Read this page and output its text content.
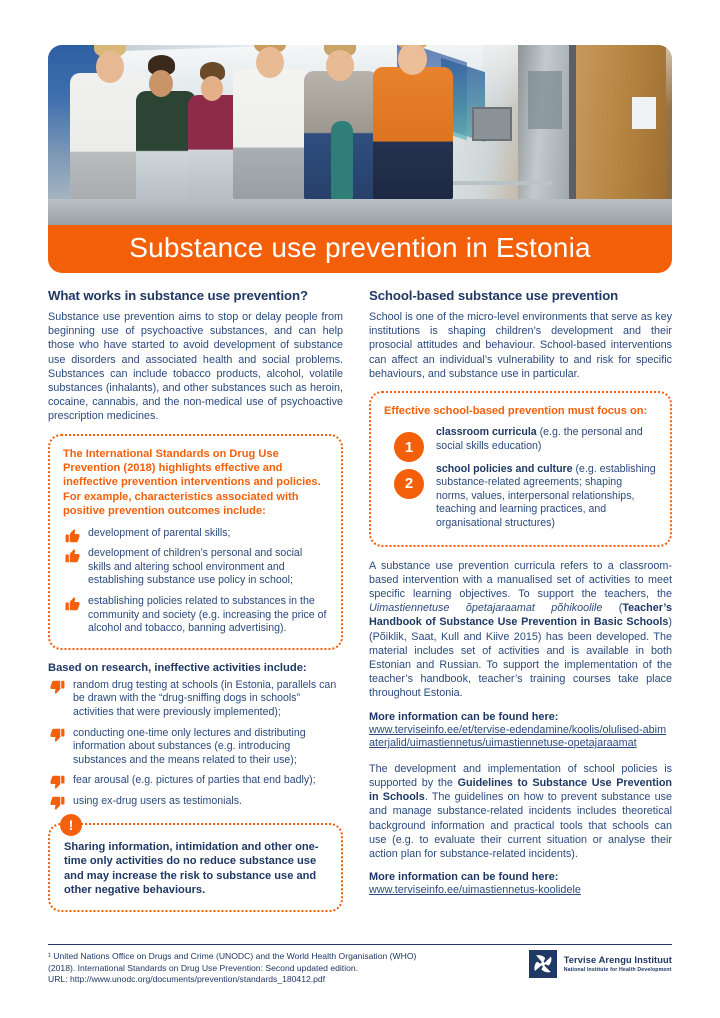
Substance use prevention in Estonia
What works in substance use prevention?

Substance use prevention aims to stop or delay people from beginning use of psychoactive substances, and can help those who have started to avoid development of substance use disorders and associated health and social problems. Substances can include tobacco products, alcohol, volatile substances (inhalants), and other substances such as heroin, cocaine, cannabis, and the non-medical use of psychoactive prescription medicines.

The International Standards on Drug Use Prevention (2018) highlights effective and ineffective prevention interventions and policies. For example, characteristics associated with positive prevention outcomes include:

development of parental skills;
development of children’s personal and social skills and altering school environment and establishing substance use policy in school;
establishing policies related to substances in the community and society (e.g. increasing the price of alcohol and tobacco, banning advertising).
Based on research, ineffective activities include:
random drug testing at schools (in Estonia, parallels can be drawn with the “drug-sniffing dogs in schools” activities that were previously implemented);
conducting one-time only lectures and distributing information about substances (e.g. introducing substances and the means related to their use);
fear arousal (e.g. pictures of parties that end badly);
using ex-drug users as testimonials.
!

Sharing information, intimidation and other one-time only activities do no reduce substance use and may increase the risk to substance use and other negative behaviours.

School-based substance use prevention

School is one of the micro-level environments that serve as key institutions is shaping children’s development and their prosocial attitudes and behaviour. School-based interventions can affect an individual’s vulnerability to and risk for specific behaviours, and substance use in particular.

Effective school-based prevention must focus on:

1
classroom curricula (e.g. the personal and social skills education)
2
school policies and culture (e.g. establishing substance-related agreements; shaping norms, values, interpersonal relationships, teaching and learning practices, and organisational structures)

A substance use prevention curricula refers to a classroom-based intervention with a manualised set of activities to meet specific learning objectives. To support the teachers, the Uimastiennetuse õpetajaraamat põhikoolile (Teacher’s Handbook of Substance Use Prevention in Basic Schools) (Põiklik, Saat, Kull and Kiive 2015) has been developed. The material includes set of activities and is available in both Estonian and Russian. To support the implementation of the teacher’s handbook, teacher’s training courses take place throughout Estonia.

More information can be found here:
www.terviseinfo.ee/et/tervise-edendamine/koolis/olulised-abimaterjalid/uimastiennetus/uimastiennetuse-opetajaraamat

The development and implementation of school policies is supported by the Guidelines to Substance Use Prevention in Schools. The guidelines on how to prevent substance use and manage substance-related incidents includes theoretical background information and practical tools that schools can use (e.g. to evaluate their current situation or analyse their action plan for substance-related incidents).

More information can be found here:
www.terviseinfo.ee/uimastiennetus-koolidele
¹ United Nations Office on Drugs and Crime (UNODC) and the World Health Organisation (WHO)
(2018). International Standards on Drug Use Prevention: Second updated edition.
URL: http://www.unodc.org/documents/prevention/standards_180412.pdf
Tervise Arengu Instituut
National Institute for Health Development
